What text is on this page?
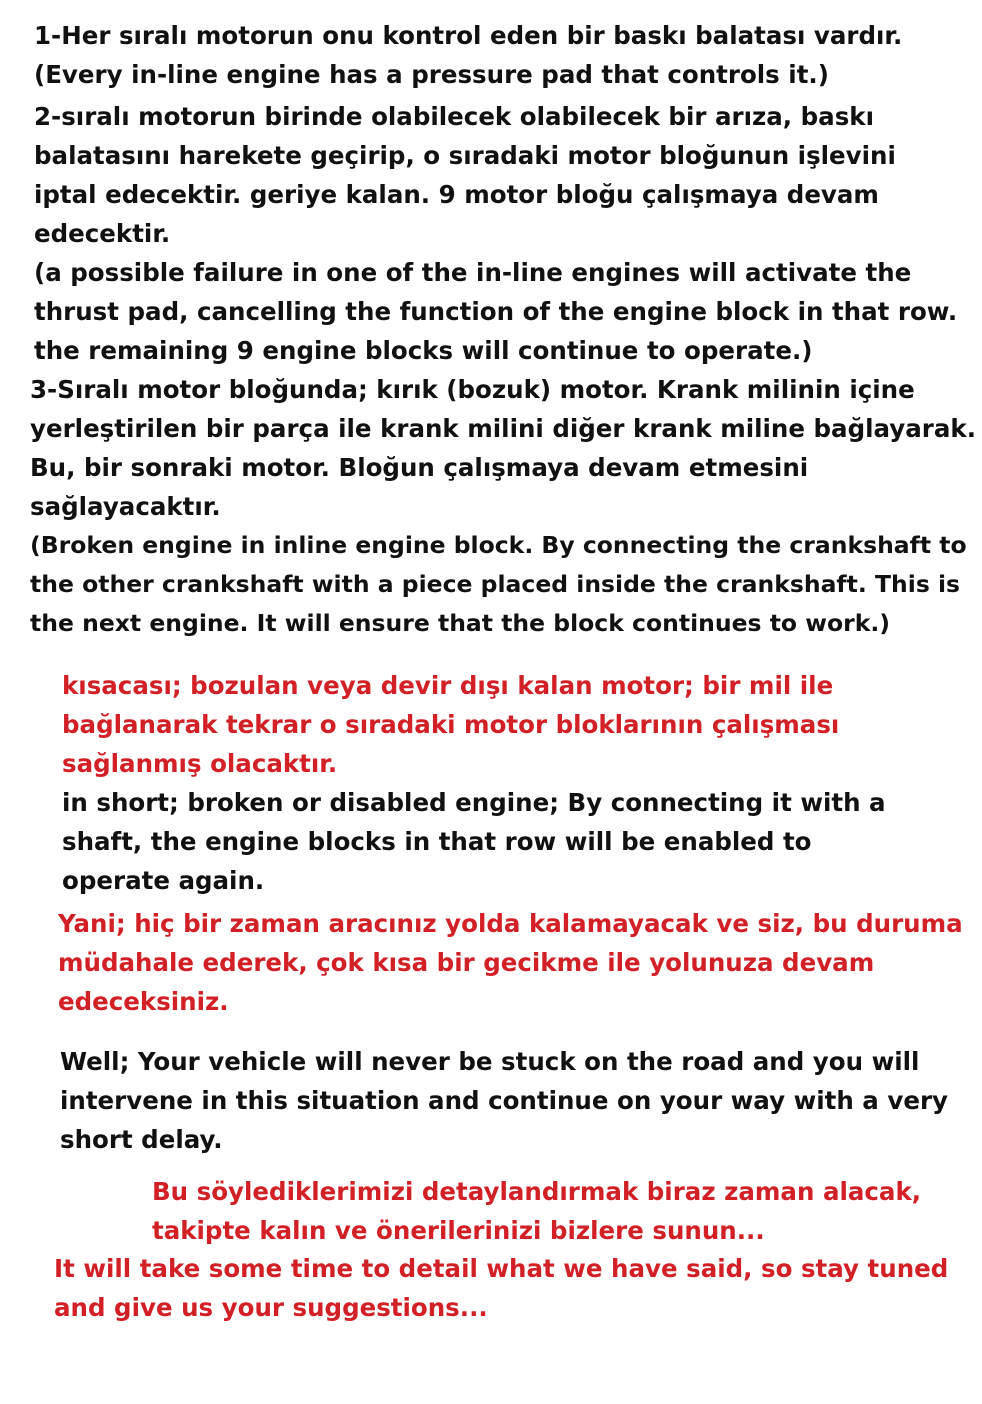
1-Her sıralı motorun onu kontrol eden bir baskı balatası vardır.
(Every in-line engine has a pressure pad that controls it.)
2-sıralı motorun birinde olabilecek olabilecek bir arıza, baskı
balatasını harekete geçirip, o sıradaki motor bloğunun işlevini
iptal edecektir. geriye kalan. 9 motor bloğu çalışmaya devam
edecektir.
(a possible failure in one of the in-line engines will activate the
thrust pad, cancelling the function of the engine block in that row.
the remaining 9 engine blocks will continue to operate.)
3-Sıralı motor bloğunda; kırık (bozuk) motor. Krank milinin içine
yerleştirilen bir parça ile krank milini diğer krank miline bağlayarak.
Bu, bir sonraki motor. Bloğun çalışmaya devam etmesini
sağlayacaktır.
(Broken engine in inline engine block. By connecting the crankshaft to
the other crankshaft with a piece placed inside the crankshaft. This is
the next engine. It will ensure that the block continues to work.)
kısacası; bozulan veya devir dışı kalan motor; bir mil ile
bağlanarak tekrar o sıradaki motor bloklarının çalışması
sağlanmış olacaktır.
in short; broken or disabled engine; By connecting it with a
shaft, the engine blocks in that row will be enabled to
operate again.
Yani; hiç bir zaman aracınız yolda kalamayacak ve siz, bu duruma
müdahale ederek, çok kısa bir gecikme ile yolunuza devam
edeceksiniz.
Well; Your vehicle will never be stuck on the road and you will
intervene in this situation and continue on your way with a very
short delay.
Bu söylediklerimizi detaylandırmak biraz zaman alacak,
takipte kalın ve önerilerinizi bizlere sunun...
It will take some time to detail what we have said, so stay tuned
and give us your suggestions...
